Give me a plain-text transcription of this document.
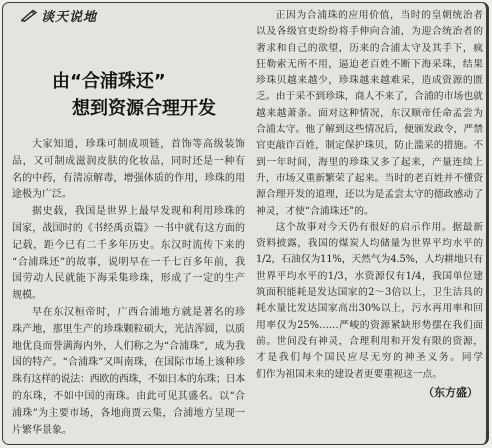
谈天说地
由“合浦珠还”
想到资源合理开发
大家知道，珍珠可制成项链，首饰等高级装饰
品，又可制成滋润皮肤的化妆品，同时还是一种有
名的中药，有清凉解毒，增强体质的作用，珍珠的用
途极为广泛。
据史载，我国是世界上最早发现和利用珍珠的
国家，战国时的《书经禹贡篇》一书中就有这方面的
记载，距今已有二千多年历史。东汉时流传下来的
“合浦珠还”的故事，说明早在一千七百多年前，我
国劳动人民就能下海采集珍珠，形成了一定的生产
规模。
早在东汉桓帝时，广西合浦地方就是著名的珍
珠产地，那里生产的珍珠颗粒硕大，光洁浑圆，以质
地优良而誉满海内外，人们称之为“合浦珠”，成为我
国的特产。“合浦珠”又叫南珠，在国际市场上该种珍
珠有这样的说法：西欧的西珠，不如日本的东珠；日本
的东珠，不如中国的南珠。由此可见其盛名。以“合
浦珠”为主要市场，各地商贾云集，合浦地方呈现一
片繁华景象。
正因为合浦珠的应用价值，当时的皇朝统治者
以及各级官吏纷纷将手伸向合浦，为迎合统治者的
奢求和自己的欲望，历来的合浦太守及其手下，疯
狂勒索无所不用，逼迫老百姓不断下海采珠，结果
珍珠贝越来越少，珍珠越来越难采，造成资源的匮
乏。由于采不到珍珠，商人不来了，合浦的市场也就
越来越萧条。面对这种情况，东汉顺帝任命孟尝为
合浦太守。他了解到这些情况后，便颁发政令，严禁
官吏敲诈百姓，制定保护珠贝，防止滥采的措施。不
到一年时间，海里的珍珠又多了起来，产量连续上
升，市场又重新繁荣了起来。当时的老百姓并不懂资
源合理开发的道理，还以为是孟尝太守的德政感动了
神灵，才使“合浦珠还”的。
这个故事对今天仍有很好的启示作用。据最新
资料披露，我国的煤炭人均储量为世界平均水平的
1/2，石油仅为11%，天然气为4.5%，人均耕地只有
世界平均水平的1/3，水资源仅有1/4，我国单位建
筑面积能耗是发达国家的2～3倍以上，卫生洁具的
耗水量比发达国家高出30%以上，污水再用率和回
用率仅为25%……严峻的资源紧缺形势摆在我们面
前。世间没有神灵，合理利用和开发有限的资源，
才是我们每个国民应尽无穷的神圣义务。同学
们作为祖国未来的建设者更要重视这一点。
（东方盛）
